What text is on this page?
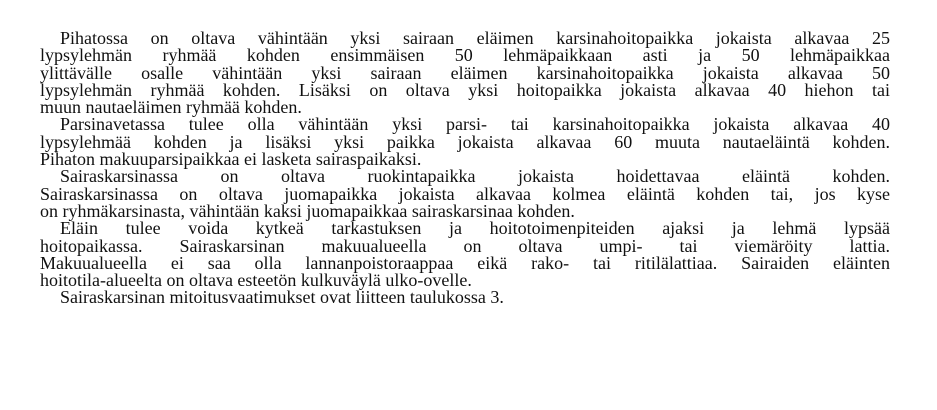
Pihatossa on oltava vähintään yksi sairaan eläimen karsinahoitopaikka jokaista alkavaa 25
lypsylehmän ryhmää kohden ensimmäisen 50 lehmäpaikkaan asti ja 50 lehmäpaikkaa
ylittävälle osalle vähintään yksi sairaan eläimen karsinahoitopaikka jokaista alkavaa 50
lypsylehmän ryhmää kohden. Lisäksi on oltava yksi hoitopaikka jokaista alkavaa 40 hiehon tai
muun nautaeläimen ryhmää kohden.

Parsinavetassa tulee olla vähintään yksi parsi- tai karsinahoitopaikka jokaista alkavaa 40
lypsylehmää kohden ja lisäksi yksi paikka jokaista alkavaa 60 muuta nautaeläintä kohden.
Pihaton makuuparsipaikkaa ei lasketa sairaspaikaksi.

Sairaskarsinassa on oltava ruokintapaikka jokaista hoidettavaa eläintä kohden.
Sairaskarsinassa on oltava juomapaikka jokaista alkavaa kolmea eläintä kohden tai, jos kyse
on ryhmäkarsinasta, vähintään kaksi juomapaikkaa sairaskarsinaa kohden.

Eläin tulee voida kytkeä tarkastuksen ja hoitotoimenpiteiden ajaksi ja lehmä lypsää
hoitopaikassa. Sairaskarsinan makuualueella on oltava umpi- tai viemäröity lattia.
Makuualueella ei saa olla lannanpoistoraappaa eikä rako- tai ritilälattiaa. Sairaiden eläinten
hoitotila-alueelta on oltava esteetön kulkuväylä ulko-ovelle.

Sairaskarsinan mitoitusvaatimukset ovat liitteen taulukossa 3.
